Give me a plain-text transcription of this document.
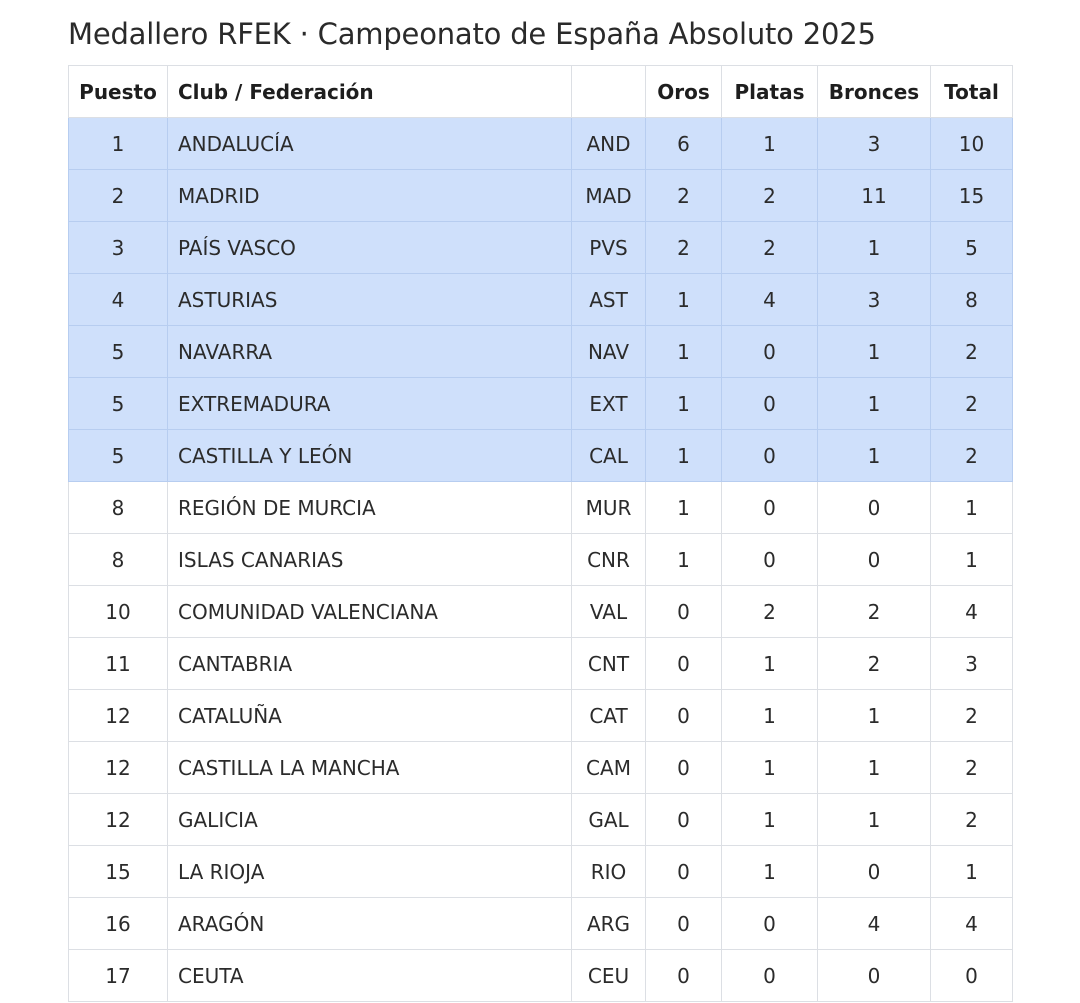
Medallero RFEK · Campeonato de España Absoluto 2025
Puesto	Club / Federación		Oros	Platas	Bronces	Total
1	ANDALUCÍA	AND	6	1	3	10
2	MADRID	MAD	2	2	11	15
3	PAÍS VASCO	PVS	2	2	1	5
4	ASTURIAS	AST	1	4	3	8
5	NAVARRA	NAV	1	0	1	2
5	EXTREMADURA	EXT	1	0	1	2
5	CASTILLA Y LEÓN	CAL	1	0	1	2
8	REGIÓN DE MURCIA	MUR	1	0	0	1
8	ISLAS CANARIAS	CNR	1	0	0	1
10	COMUNIDAD VALENCIANA	VAL	0	2	2	4
11	CANTABRIA	CNT	0	1	2	3
12	CATALUÑA	CAT	0	1	1	2
12	CASTILLA LA MANCHA	CAM	0	1	1	2
12	GALICIA	GAL	0	1	1	2
15	LA RIOJA	RIO	0	1	0	1
16	ARAGÓN	ARG	0	0	4	4
17	CEUTA	CEU	0	0	0	0
